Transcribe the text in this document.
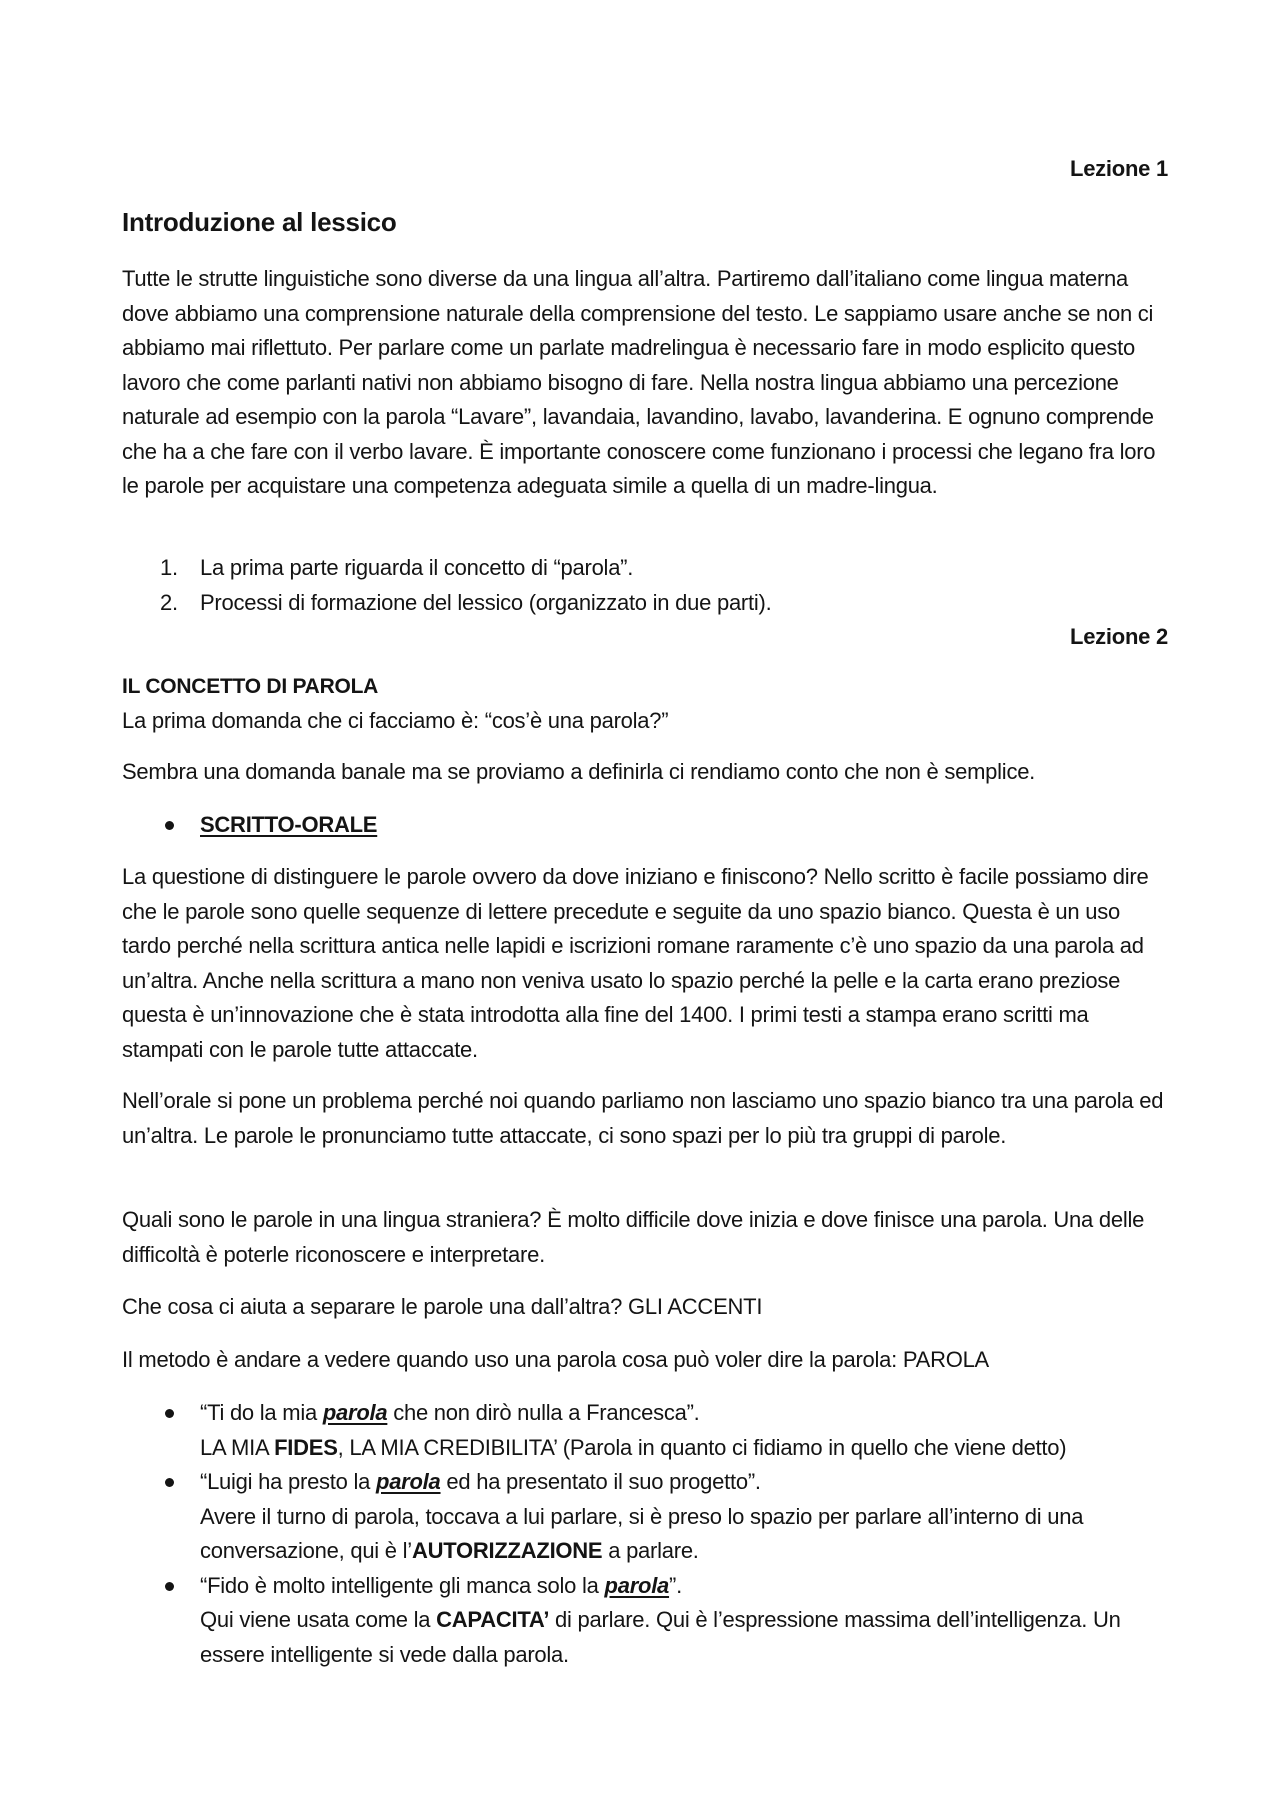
Lezione 1
Introduzione al lessico

Tutte le strutte linguistiche sono diverse da una lingua all’altra. Partiremo dall’italiano come lingua materna dove abbiamo una comprensione naturale della comprensione del testo. Le sappiamo usare anche se non ci abbiamo mai riflettuto. Per parlare come un parlate madrelingua è necessario fare in modo esplicito questo lavoro che come parlanti nativi non abbiamo bisogno di fare. Nella nostra lingua abbiamo una percezione naturale ad esempio con la parola “Lavare”, lavandaia, lavandino, lavabo, lavanderina. E ognuno comprende che ha a che fare con il verbo lavare. È importante conoscere come funzionano i processi che legano fra loro le parole per acquistare una competenza adeguata simile a quella di un madre-lingua.

1. La prima parte riguarda il concetto di “parola”.
2. Processi di formazione del lessico (organizzato in due parti).
Lezione 2
IL CONCETTO DI PAROLA

La prima domanda che ci facciamo è: “cos’è una parola?”

Sembra una domanda banale ma se proviamo a definirla ci rendiamo conto che non è semplice.

SCRITTO-ORALE

La questione di distinguere le parole ovvero da dove iniziano e finiscono? Nello scritto è facile possiamo dire che le parole sono quelle sequenze di lettere precedute e seguite da uno spazio bianco. Questa è un uso tardo perché nella scrittura antica nelle lapidi e iscrizioni romane raramente c’è uno spazio da una parola ad un’altra. Anche nella scrittura a mano non veniva usato lo spazio perché la pelle e la carta erano preziose questa è un’innovazione che è stata introdotta alla fine del 1400. I primi testi a stampa erano scritti ma stampati con le parole tutte attaccate.

Nell’orale si pone un problema perché noi quando parliamo non lasciamo uno spazio bianco tra una parola ed un’altra. Le parole le pronunciamo tutte attaccate, ci sono spazi per lo più tra gruppi di parole.

Quali sono le parole in una lingua straniera? È molto difficile dove inizia e dove finisce una parola. Una delle difficoltà è poterle riconoscere e interpretare.

Che cosa ci aiuta a separare le parole una dall’altra? GLI ACCENTI

Il metodo è andare a vedere quando uso una parola cosa può voler dire la parola: PAROLA

“Ti do la mia parola che non dirò nulla a Francesca”.
LA MIA FIDES, LA MIA CREDIBILITA’ (Parola in quanto ci fidiamo in quello che viene detto)
“Luigi ha presto la parola ed ha presentato il suo progetto”.
Avere il turno di parola, toccava a lui parlare, si è preso lo spazio per parlare all’interno di una conversazione, qui è l’AUTORIZZAZIONE a parlare.
“Fido è molto intelligente gli manca solo la parola”.
Qui viene usata come la CAPACITA’ di parlare. Qui è l’espressione massima dell’intelligenza. Un essere intelligente si vede dalla parola.
